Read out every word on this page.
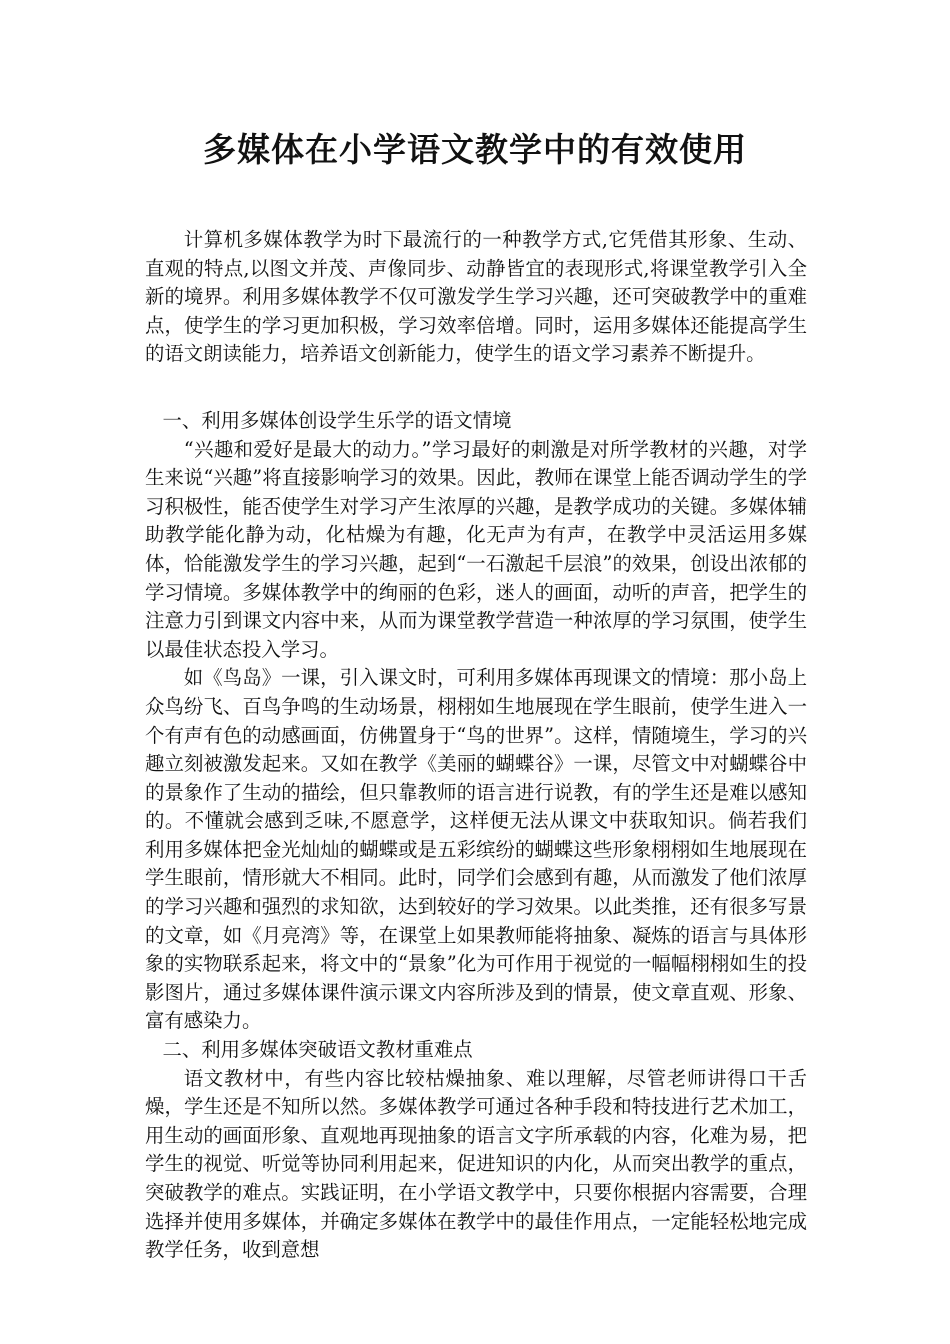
多媒体在小学语文教学中的有效使用

计算机多媒体教学为时下最流行的一种教学方式,它凭借其形象、生动、直观的特点,以图文并茂、声像同步、动静皆宜的表现形式,将课堂教学引入全新的境界。利用多媒体教学不仅可激发学生学习兴趣，还可突破教学中的重难点，使学生的学习更加积极，学习效率倍增。同时，运用多媒体还能提高学生的语文朗读能力，培养语文创新能力，使学生的语文学习素养不断提升。

一、利用多媒体创设学生乐学的语文情境

“兴趣和爱好是最大的动力。”学习最好的刺激是对所学教材的兴趣，对学生来说“兴趣”将直接影响学习的效果。因此，教师在课堂上能否调动学生的学习积极性，能否使学生对学习产生浓厚的兴趣，是教学成功的关键。多媒体辅助教学能化静为动，化枯燥为有趣，化无声为有声，在教学中灵活运用多媒体，恰能激发学生的学习兴趣，起到“一石激起千层浪”的效果，创设出浓郁的学习情境。多媒体教学中的绚丽的色彩，迷人的画面，动听的声音，把学生的注意力引到课文内容中来，从而为课堂教学营造一种浓厚的学习氛围，使学生以最佳状态投入学习。

如《鸟岛》一课，引入课文时，可利用多媒体再现课文的情境：那小岛上众鸟纷飞、百鸟争鸣的生动场景，栩栩如生地展现在学生眼前，使学生进入一个有声有色的动感画面，仿佛置身于“鸟的世界”。这样，情随境生，学习的兴趣立刻被激发起来。又如在教学《美丽的蝴蝶谷》一课，尽管文中对蝴蝶谷中的景象作了生动的描绘，但只靠教师的语言进行说教，有的学生还是难以感知的。不懂就会感到乏味,不愿意学，这样便无法从课文中获取知识。倘若我们利用多媒体把金光灿灿的蝴蝶或是五彩缤纷的蝴蝶这些形象栩栩如生地展现在学生眼前，情形就大不相同。此时，同学们会感到有趣，从而激发了他们浓厚的学习兴趣和强烈的求知欲，达到较好的学习效果。以此类推，还有很多写景的文章，如《月亮湾》等，在课堂上如果教师能将抽象、凝炼的语言与具体形象的实物联系起来，将文中的“景象”化为可作用于视觉的一幅幅栩栩如生的投影图片，通过多媒体课件演示课文内容所涉及到的情景，使文章直观、形象、富有感染力。

二、利用多媒体突破语文教材重难点

语文教材中，有些内容比较枯燥抽象、难以理解，尽管老师讲得口干舌燥，学生还是不知所以然。多媒体教学可通过各种手段和特技进行艺术加工，用生动的画面形象、直观地再现抽象的语言文字所承载的内容，化难为易，把学生的视觉、听觉等协同利用起来，促进知识的内化，从而突出教学的重点，突破教学的难点。实践证明，在小学语文教学中，只要你根据内容需要，合理选择并使用多媒体，并确定多媒体在教学中的最佳作用点，一定能轻松地完成教学任务，收到意想
